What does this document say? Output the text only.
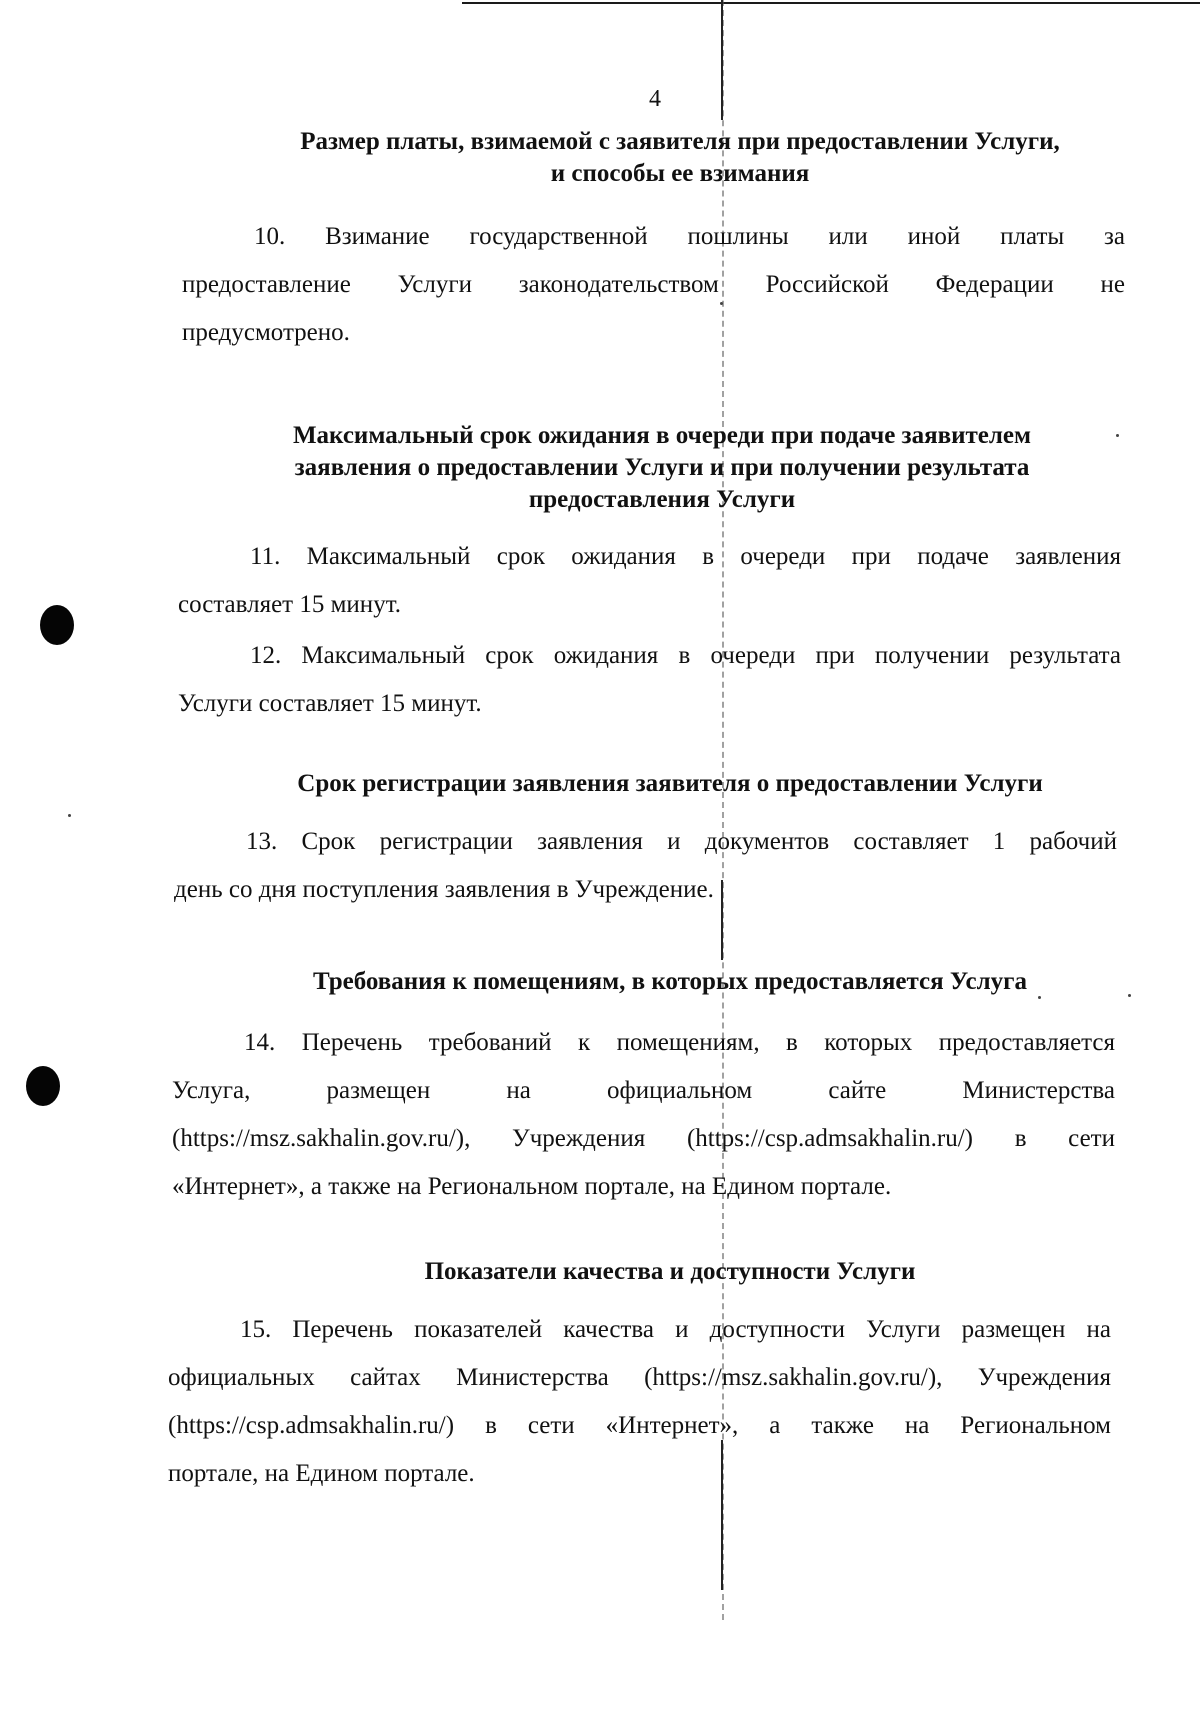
4
Размер платы, взимаемой с заявителя при предоставлении Услуги,
и способы ее взимания
10. Взимание государственной пошлины или иной платы за
предоставление Услуги законодательством Российской Федерации не
предусмотрено.
Максимальный срок ожидания в очереди при подаче заявителем
заявления о предоставлении Услуги и при получении результата
предоставления Услуги
11. Максимальный срок ожидания в очереди при подаче заявления
составляет 15 минут.
12. Максимальный срок ожидания в очереди при получении результата
Услуги составляет 15 минут.
Срок регистрации заявления заявителя о предоставлении Услуги
13. Срок регистрации заявления и документов составляет 1 рабочий
день со дня поступления заявления в Учреждение.
Требования к помещениям, в которых предоставляется Услуга
14. Перечень требований к помещениям, в которых предоставляется
Услуга, размещен на официальном сайте Министерства
(https://msz.sakhalin.gov.ru/), Учреждения (https://csp.admsakhalin.ru/) в сети
«Интернет», а также на Региональном портале, на Едином портале.
Показатели качества и доступности Услуги
15. Перечень показателей качества и доступности Услуги размещен на
официальных сайтах Министерства (https://msz.sakhalin.gov.ru/), Учреждения
(https://csp.admsakhalin.ru/) в сети «Интернет», а также на Региональном
портале, на Едином портале.
